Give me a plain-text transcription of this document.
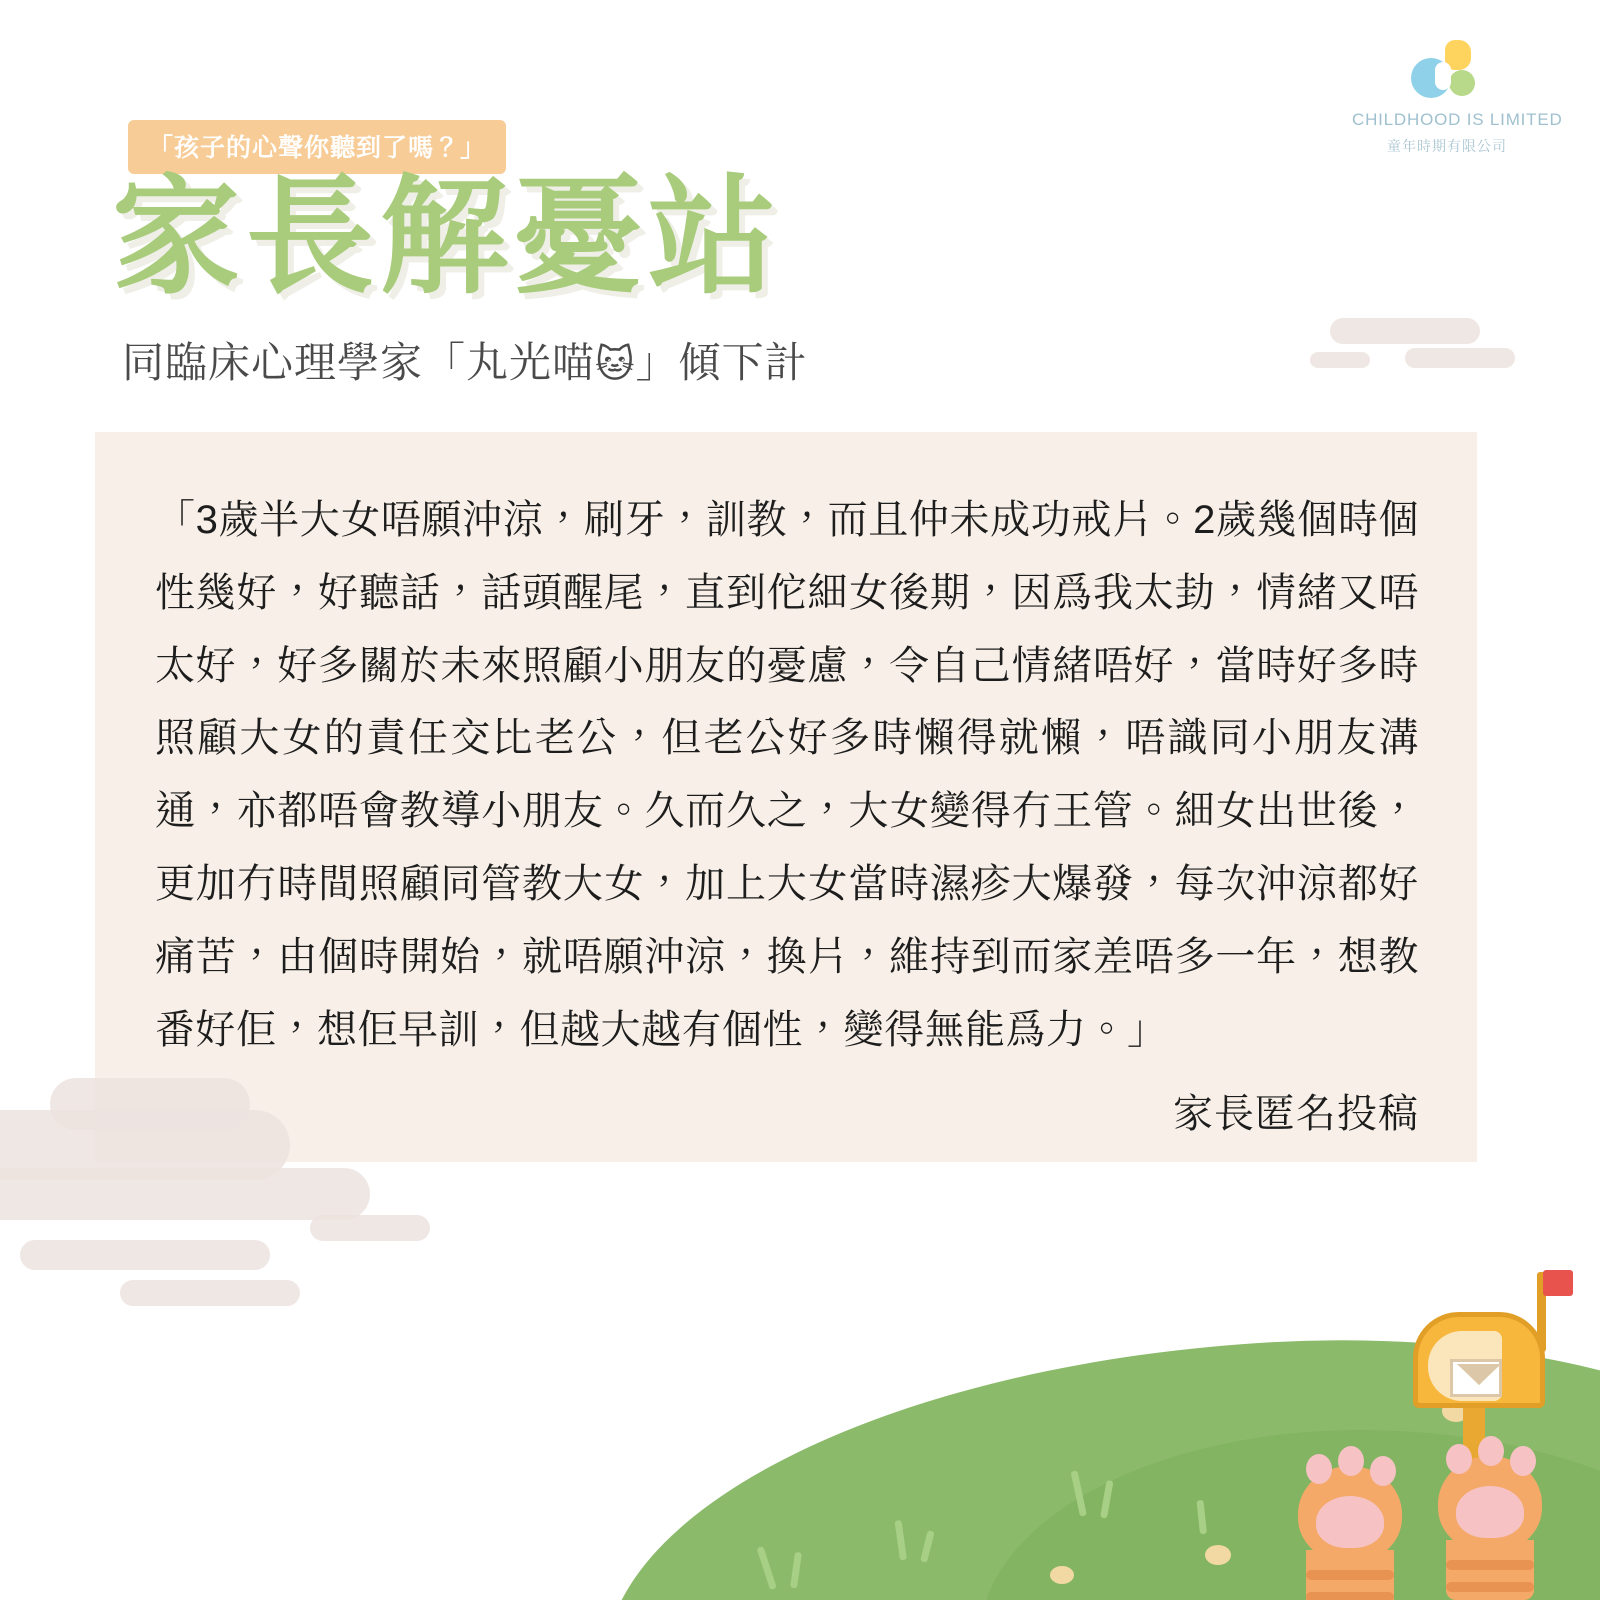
CHILDHOOD IS LIMITED
童年時期有限公司
「孩子的心聲你聽到了嗎？」
家長解憂站
同臨床心理學家「丸光喵🐱」傾下計
「3歲半大女唔願沖涼，刷牙，訓教，而且仲未成功戒片。2歲幾個時個性幾好，好聽話，話頭醒尾，直到佗細女後期，因爲我太劸，情緒又唔太好，好多關於未來照顧小朋友的憂慮，令自己情緒唔好，當時好多時照顧大女的責任交比老公，但老公好多時懶得就懶，唔識同小朋友溝通，亦都唔會教導小朋友。久而久之，大女變得冇王管。細女出世後，更加冇時間照顧同管教大女，加上大女當時濕疹大爆發，每次沖涼都好痛苦，由個時開始，就唔願沖涼，換片，維持到而家差唔多一年，想教番好佢，想佢早訓，但越大越有個性，變得無能爲力。」
家長匿名投稿
